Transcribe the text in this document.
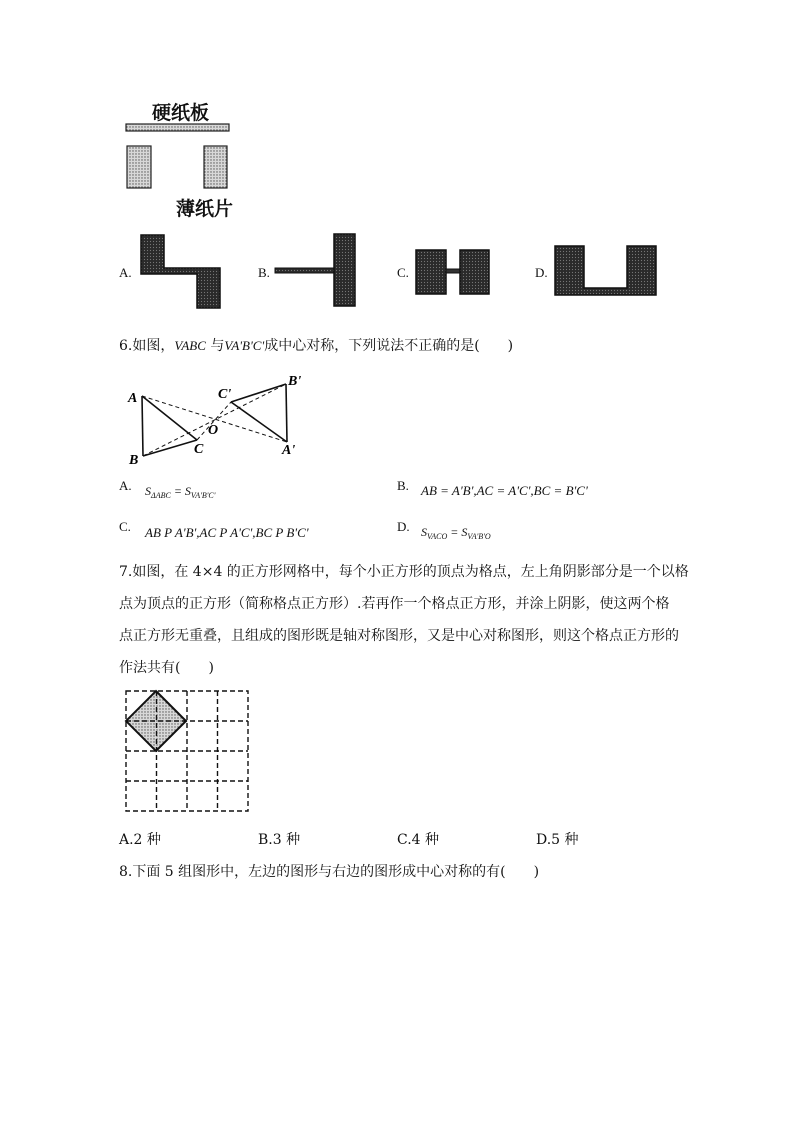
硬纸板
薄纸片
A.	B.	C.	D.
6.如图，VABC 与VA'B'C'成中心对称，下列说法不正确的是(　　)
A
B
C
O
A'
B'
C'
A. $S_{\Delta ABC} = S_{VA'B'C'}$
B. AB = A'B',AC = A'C',BC = B'C'
C. AB P A'B',AC P A'C',BC P B'C'	D. $S_{VACO} = S_{VA'B'O}$
7.如图，在 4×4 的正方形网格中，每个小正方形的顶点为格点，左上角阴影部分是一个以格
点为顶点的正方形（简称格点正方形）.若再作一个格点正方形，并涂上阴影，使这两个格
点正方形无重叠，且组成的图形既是轴对称图形，又是中心对称图形，则这个格点正方形的
作法共有(　　)
A.2 种	B.3 种	C.4 种	D.5 种
8.下面 5 组图形中，左边的图形与右边的图形成中心对称的有(　　)
